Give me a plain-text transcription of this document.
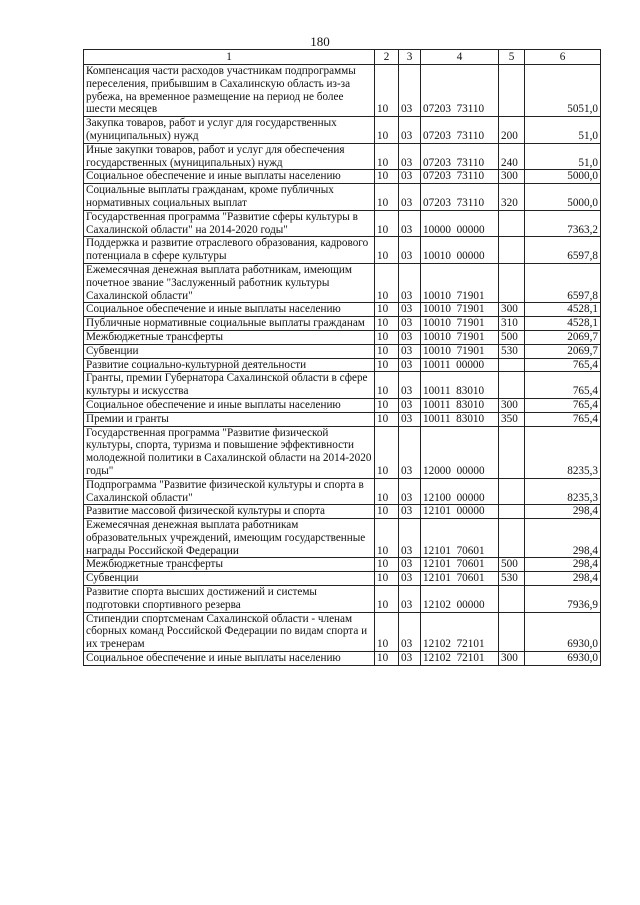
180
1	2	3	4	5	6
Компенсация части расходов участникам подпрограммы переселения, прибывшим в Сахалинскую область из-за рубежа, на временное размещение на период не более шести месяцев	10	03	07203  73110		5051,0
Закупка товаров, работ и услуг для государственных (муниципальных) нужд	10	03	07203  73110	200	51,0
Иные закупки товаров, работ и услуг для обеспечения государственных (муниципальных) нужд	10	03	07203  73110	240	51,0
Социальное обеспечение и иные выплаты населению	10	03	07203  73110	300	5000,0
Социальные выплаты гражданам, кроме публичных нормативных социальных выплат	10	03	07203  73110	320	5000,0
Государственная программа "Развитие сферы культуры в Сахалинской области" на 2014-2020 годы"	10	03	10000  00000		7363,2
Поддержка и развитие отраслевого образования, кадрового потенциала в сфере культуры	10	03	10010  00000		6597,8
Ежемесячная денежная выплата работникам, имеющим почетное звание "Заслуженный работник культуры Сахалинской области"	10	03	10010  71901		6597,8
Социальное обеспечение и иные выплаты населению	10	03	10010  71901	300	4528,1
Публичные нормативные социальные выплаты гражданам	10	03	10010  71901	310	4528,1
Межбюджетные трансферты	10	03	10010  71901	500	2069,7
Субвенции	10	03	10010  71901	530	2069,7
Развитие социально-культурной деятельности	10	03	10011  00000		765,4
Гранты, премии Губернатора Сахалинской области в сфере культуры и искусства	10	03	10011  83010		765,4
Социальное обеспечение и иные выплаты населению	10	03	10011  83010	300	765,4
Премии и гранты	10	03	10011  83010	350	765,4
Государственная программа "Развитие физической культуры, спорта, туризма и повышение эффективности молодежной политики в Сахалинской области на 2014-2020 годы"	10	03	12000  00000		8235,3
Подпрограмма "Развитие физической культуры и спорта в Сахалинской области"	10	03	12100  00000		8235,3
Развитие массовой физической культуры и спорта	10	03	12101  00000		298,4
Ежемесячная денежная выплата работникам образовательных учреждений, имеющим государственные награды Российской Федерации	10	03	12101  70601		298,4
Межбюджетные трансферты	10	03	12101  70601	500	298,4
Субвенции	10	03	12101  70601	530	298,4
Развитие спорта высших достижений и системы подготовки спортивного резерва	10	03	12102  00000		7936,9
Стипендии спортсменам Сахалинской области - членам сборных команд Российской Федерации по видам спорта и их тренерам	10	03	12102  72101		6930,0
Социальное обеспечение и иные выплаты населению	10	03	12102  72101	300	6930,0
